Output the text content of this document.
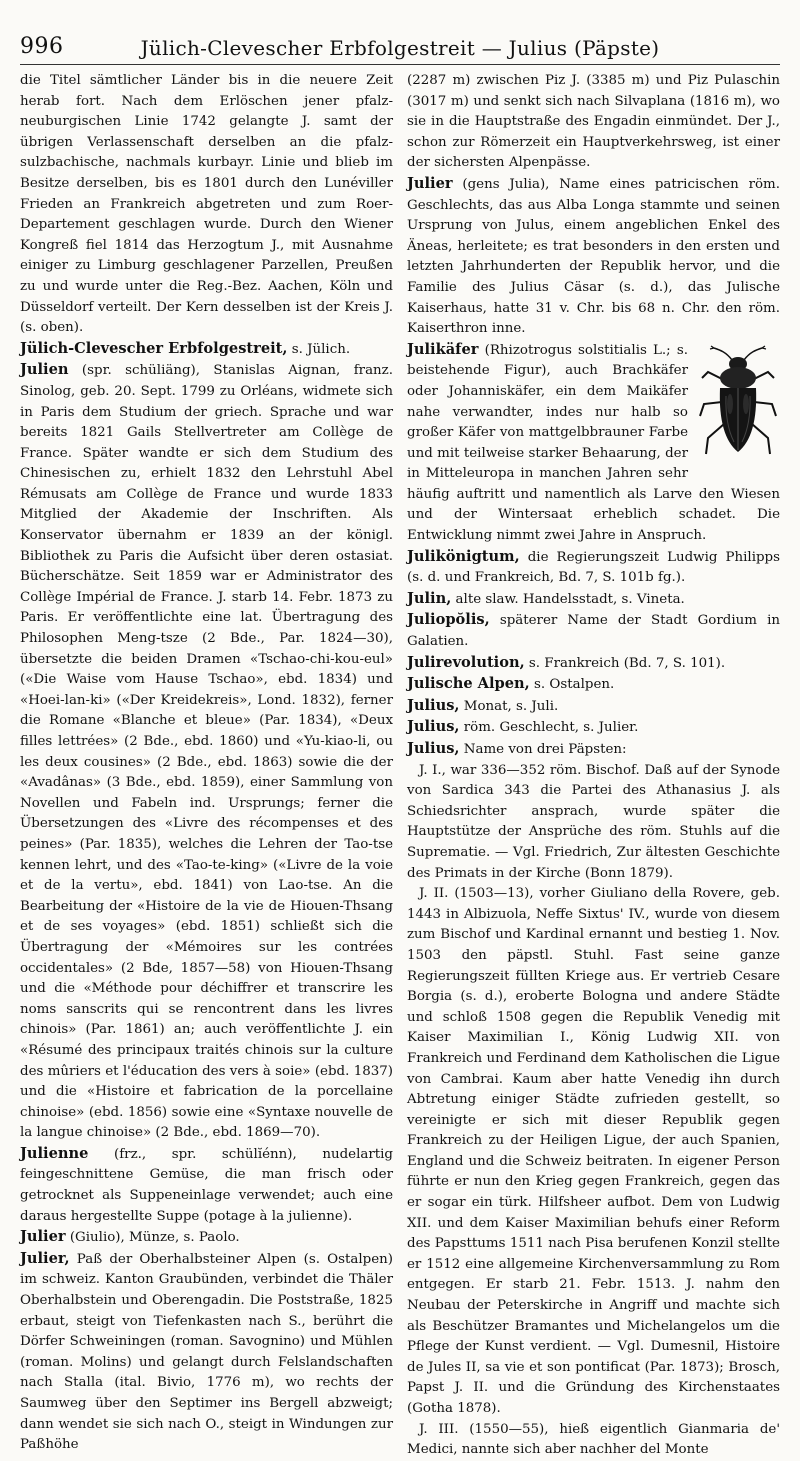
996	Jülich-Clevescher Erbfolgestreit — Julius (Päpste)

die Titel sämtlicher Länder bis in die neuere Zeit herab fort. Nach dem Erlöschen jener pfalz-neuburgischen Linie 1742 gelangte J. samt der übrigen Verlassenschaft derselben an die pfalz-sulzbachische, nachmals kurbayr. Linie und blieb im Besitze derselben, bis es 1801 durch den Lunéviller Frieden an Frankreich abgetreten und zum Roer-Departement geschlagen wurde. Durch den Wiener Kongreß fiel 1814 das Herzogtum J., mit Ausnahme einiger zu Limburg geschlagener Parzellen, Preußen zu und wurde unter die Reg.-Bez. Aachen, Köln und Düsseldorf verteilt. Der Kern desselben ist der Kreis J. (s. oben).

Jülich-Clevescher Erbfolgestreit, s. Jülich.

Julien (spr. schüliäng), Stanislas Aignan, franz. Sinolog, geb. 20. Sept. 1799 zu Orléans, widmete sich in Paris dem Studium der griech. Sprache und war bereits 1821 Gails Stellvertreter am Collège de France. Später wandte er sich dem Studium des Chinesischen zu, erhielt 1832 den Lehrstuhl Abel Rémusats am Collège de France und wurde 1833 Mitglied der Akademie der Inschriften. Als Konservator übernahm er 1839 an der königl. Bibliothek zu Paris die Aufsicht über deren ostasiat. Bücherschätze. Seit 1859 war er Administrator des Collège Impérial de France. J. starb 14. Febr. 1873 zu Paris. Er veröffentlichte eine lat. Übertragung des Philosophen Meng-tsze (2 Bde., Par. 1824—30), übersetzte die beiden Dramen «Tschao-chi-kou-eul» («Die Waise vom Hause Tschao», ebd. 1834) und «Hoei-lan-ki» («Der Kreidekreis», Lond. 1832), ferner die Romane «Blanche et bleue» (Par. 1834), «Deux filles lettrées» (2 Bde., ebd. 1860) und «Yu-kiao-li, ou les deux cousines» (2 Bde., ebd. 1863) sowie die der «Avadânas» (3 Bde., ebd. 1859), einer Sammlung von Novellen und Fabeln ind. Ursprungs; ferner die Übersetzungen des «Livre des récompenses et des peines» (Par. 1835), welches die Lehren der Tao-tse kennen lehrt, und des «Tao-te-king» («Livre de la voie et de la vertu», ebd. 1841) von Lao-tse. An die Bearbeitung der «Histoire de la vie de Hiouen-Thsang et de ses voyages» (ebd. 1851) schließt sich die Übertragung der «Mémoires sur les contrées occidentales» (2 Bde, 1857—58) von Hiouen-Thsang und die «Méthode pour déchiffrer et transcrire les noms sanscrits qui se rencontrent dans les livres chinois» (Par. 1861) an; auch veröffentlichte J. ein «Résumé des principaux traités chinois sur la culture des mûriers et l'éducation des vers à soie» (ebd. 1837) und die «Histoire et fabrication de la porcellaine chinoise» (ebd. 1856) sowie eine «Syntaxe nouvelle de la langue chinoise» (2 Bde., ebd. 1869—70).

Julienne (frz., spr. schülĭénn), nudelartig feingeschnittene Gemüse, die man frisch oder getrocknet als Suppeneinlage verwendet; auch eine daraus hergestellte Suppe (potage à la julienne).

Julier (Giulio), Münze, s. Paolo.

Julier, Paß der Oberhalbsteiner Alpen (s. Ostalpen) im schweiz. Kanton Graubünden, verbindet die Thäler Oberhalbstein und Oberengadin. Die Poststraße, 1825 erbaut, steigt von Tiefenkasten nach S., berührt die Dörfer Schweiningen (roman. Savognino) und Mühlen (roman. Molins) und gelangt durch Felslandschaften nach Stalla (ital. Bivio, 1776 m), wo rechts der Saumweg über den Septimer ins Bergell abzweigt; dann wendet sie sich nach O., steigt in Windungen zur Paßhöhe

(2287 m) zwischen Piz J. (3385 m) und Piz Pulaschin (3017 m) und senkt sich nach Silvaplana (1816 m), wo sie in die Hauptstraße des Engadin einmündet. Der J., schon zur Römerzeit ein Hauptverkehrsweg, ist einer der sichersten Alpenpässe.

Julier (gens Julia), Name eines patricischen röm. Geschlechts, das aus Alba Longa stammte und seinen Ursprung von Julus, einem angeblichen Enkel des Äneas, herleitete; es trat besonders in den ersten und letzten Jahrhunderten der Republik hervor, und die Familie des Julius Cäsar (s. d.), das Julische Kaiserhaus, hatte 31 v. Chr. bis 68 n. Chr. den röm. Kaiserthron inne.

Julikäfer (Rhizotrogus solstitialis L.; s. beistehende Figur), auch Brachkäfer oder Johanniskäfer, ein dem Maikäfer nahe verwandter, indes nur halb so großer Käfer von mattgelbbrauner Farbe und mit teilweise starker Behaarung, der in Mitteleuropa in manchen Jahren sehr häufig auftritt und namentlich als Larve den Wiesen und der Wintersaat erheblich schadet. Die Entwicklung nimmt zwei Jahre in Anspruch.

Julikönigtum, die Regierungszeit Ludwig Philipps (s. d. und Frankreich, Bd. 7, S. 101b fg.).

Julin, alte slaw. Handelsstadt, s. Vineta.

Juliopŏlis, späterer Name der Stadt Gordium in Galatien.

Julirevolution, s. Frankreich (Bd. 7, S. 101).

Julische Alpen, s. Ostalpen.

Julius, Monat, s. Juli.

Julius, röm. Geschlecht, s. Julier.

Julius, Name von drei Päpsten:

J. I., war 336—352 röm. Bischof. Daß auf der Synode von Sardica 343 die Partei des Athanasius J. als Schiedsrichter ansprach, wurde später die Hauptstütze der Ansprüche des röm. Stuhls auf die Suprematie. — Vgl. Friedrich, Zur ältesten Geschichte des Primats in der Kirche (Bonn 1879).

J. II. (1503—13), vorher Giuliano della Rovere, geb. 1443 in Albizuola, Neffe Sixtus' IV., wurde von diesem zum Bischof und Kardinal ernannt und bestieg 1. Nov. 1503 den päpstl. Stuhl. Fast seine ganze Regierungszeit füllten Kriege aus. Er vertrieb Cesare Borgia (s. d.), eroberte Bologna und andere Städte und schloß 1508 gegen die Republik Venedig mit Kaiser Maximilian I., König Ludwig XII. von Frankreich und Ferdinand dem Katholischen die Ligue von Cambrai. Kaum aber hatte Venedig ihn durch Abtretung einiger Städte zufrieden gestellt, so vereinigte er sich mit dieser Republik gegen Frankreich zu der Heiligen Ligue, der auch Spanien, England und die Schweiz beitraten. In eigener Person führte er nun den Krieg gegen Frankreich, gegen das er sogar ein türk. Hilfsheer aufbot. Dem von Ludwig XII. und dem Kaiser Maximilian behufs einer Reform des Papsttums 1511 nach Pisa berufenen Konzil stellte er 1512 eine allgemeine Kirchenversammlung zu Rom entgegen. Er starb 21. Febr. 1513. J. nahm den Neubau der Peterskirche in Angriff und machte sich als Beschützer Bramantes und Michelangelos um die Pflege der Kunst verdient. — Vgl. Dumesnil, Histoire de Jules II, sa vie et son pontificat (Par. 1873); Brosch, Papst J. II. und die Gründung des Kirchenstaates (Gotha 1878).

J. III. (1550—55), hieß eigentlich Gianmaria de' Medici, nannte sich aber nachher del Monte
